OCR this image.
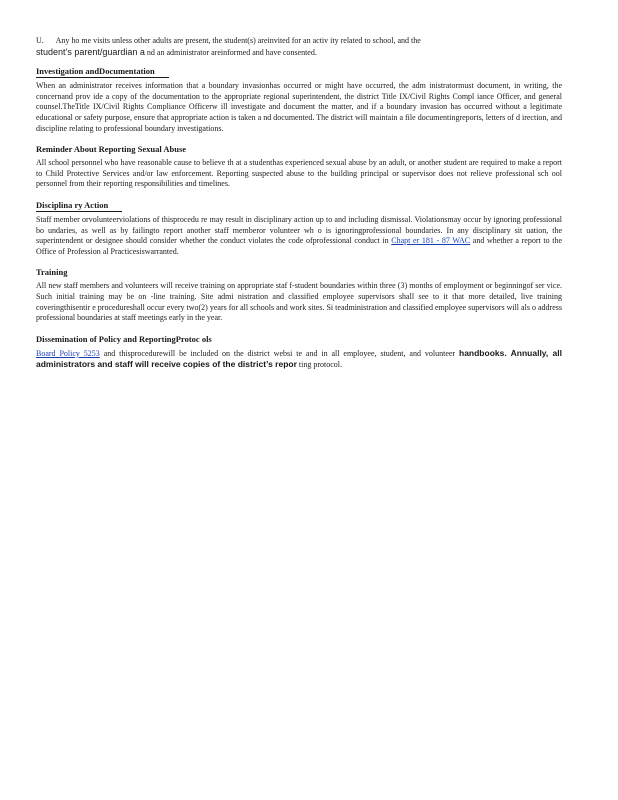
U. Any ho me visits unless other adults are present, the student(s) areinvited for an activ ity related to school, and the
student’s parent/guardian a nd an administrator areinformed and have consented.

Investigation andDocumentation

When an administrator receives information that a boundary invasionhas occurred or might have occurred, the adm inistratormust document, in writing, the concernand prov ide a copy of the documentation to the appropriate regional superintendent, the district Title IX/Civil Rights Compl iance Officer, and general counsel.TheTitle IX/Civil Rights Compliance Officerw ill investigate and document the matter, and if a boundary invasion has occurred without a legitimate educational or safety purpose, ensure that appropriate action is taken a nd documented. The district will maintain a file documentingreports, letters of d irection, and discipline relating to professional boundary investigations.

Reminder About Reporting Sexual Abuse

All school personnel who have reasonable cause to believe th at a studenthas experienced sexual abuse by an adult, or another student are required to make a report to Child Protective Services and/or law enforcement. Reporting suspected abuse to the building principal or supervisor does not relieve professional sch ool personnel from their reporting responsibilities and timelines.

Disciplina ry Action

Staff member orvolunteerviolations of thisprocedu re may result in disciplinary action up to and including dismissal. Violationsmay occur by ignoring professional bo undaries, as well as by failingto report another staff memberor volunteer wh o is ignoringprofessional boundaries. In any disciplinary sit uation, the superintendent or designee should consider whether the conduct violates the code ofprofessional conduct in Chapt er 181 - 87 WAC and whether a report to the Office of Profession al Practicesiswarranted.

Training

All new staff members and volunteers will receive training on appropriate staf f-student boundaries within three (3) months of employment or beginningof ser vice. Such initial training may be on -line training. Site admi nistration and classified employee supervisors shall see to it that more detailed, live training coveringthisentir e procedureshall occur every two(2) years for all schools and work sites. Si teadministration and classified employee supervisors will als o address professional boundaries at staff meetings early in the year.

Dissemination of Policy and ReportingProtoc ols

Board Policy 5253 and thisprocedurewill be included on the district websi te and in all employee, student, and volunteer handbooks. Annually, all administrators and staff will receive copies of the district’s repor ting protocol.
